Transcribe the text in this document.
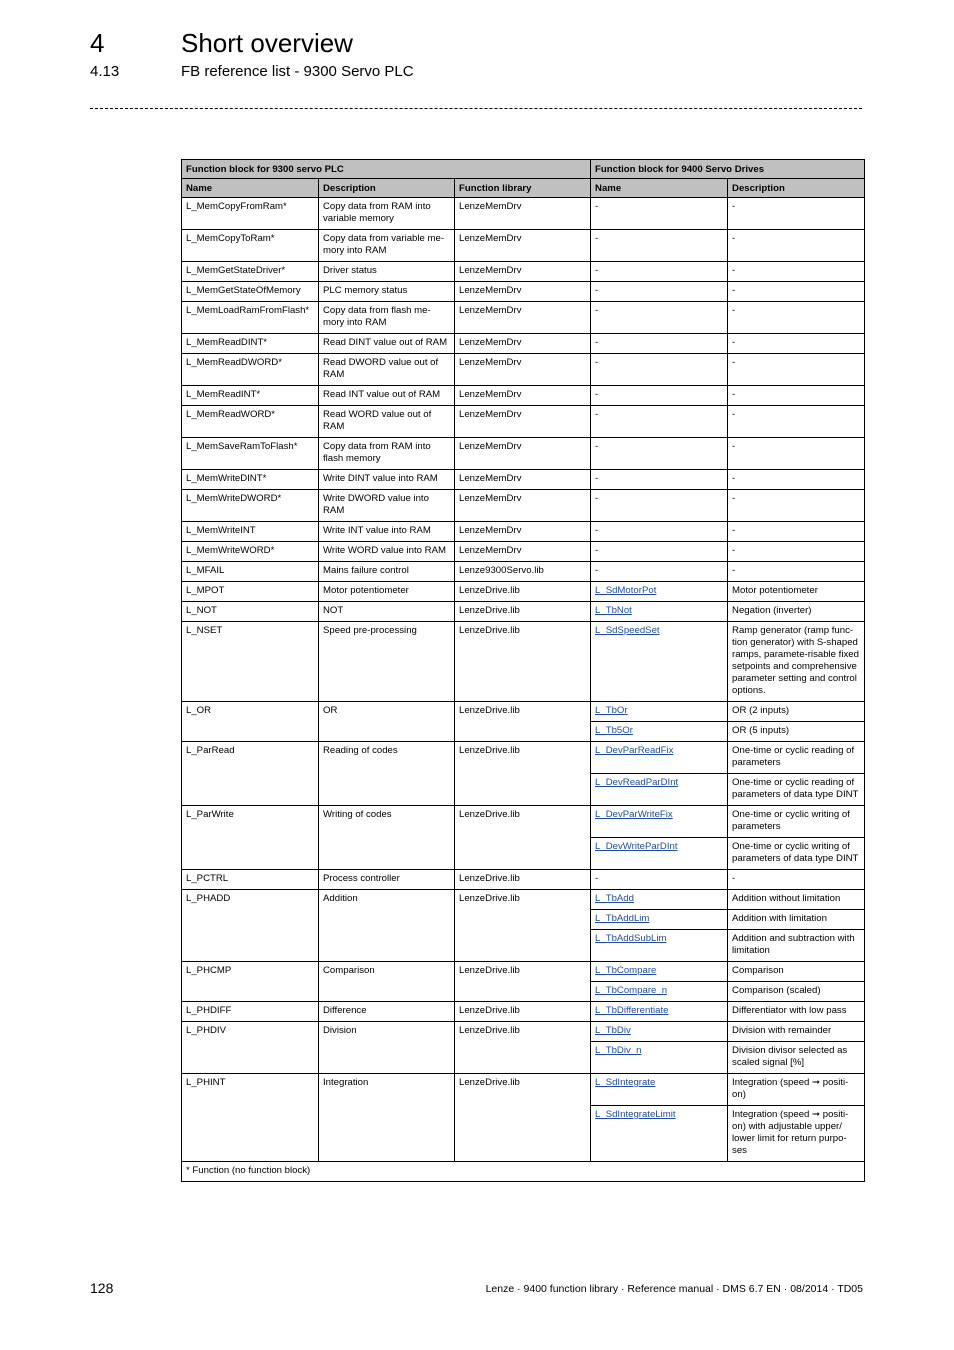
4	Short overview
4.13	FB reference list - 9300 Servo PLC
Function block for 9300 servo PLC			Function block for 9400 Servo Drives	
Name	Description	Function library	Name	Description
L_MemCopyFromRam*	Copy data from RAM into variable memory	LenzeMemDrv	-	-
L_MemCopyToRam*	Copy data from variable me-mory into RAM	LenzeMemDrv	-	-
L_MemGetStateDriver*	Driver status	LenzeMemDrv	-	-
L_MemGetStateOfMemory	PLC memory status	LenzeMemDrv	-	-
L_MemLoadRamFromFlash*	Copy data from flash me-mory into RAM	LenzeMemDrv	-	-
L_MemReadDINT*	Read DINT value out of RAM	LenzeMemDrv	-	-
L_MemReadDWORD*	Read DWORD value out of RAM	LenzeMemDrv	-	-
L_MemReadINT*	Read INT value out of RAM	LenzeMemDrv	-	-
L_MemReadWORD*	Read WORD value out of RAM	LenzeMemDrv	-	-
L_MemSaveRamToFlash*	Copy data from RAM into flash memory	LenzeMemDrv	-	-
L_MemWriteDINT*	Write DINT value into RAM	LenzeMemDrv	-	-
L_MemWriteDWORD*	Write DWORD value into RAM	LenzeMemDrv	-	-
L_MemWriteINT	Write INT value into RAM	LenzeMemDrv	-	-
L_MemWriteWORD*	Write WORD value into RAM	LenzeMemDrv	-	-
L_MFAIL	Mains failure control	Lenze9300Servo.lib	-	-
L_MPOT	Motor potentiometer	LenzeDrive.lib	L_SdMotorPot	Motor potentiometer
L_NOT	NOT	LenzeDrive.lib	L_TbNot	Negation (inverter)
L_NSET	Speed pre-processing	LenzeDrive.lib	L_SdSpeedSet	Ramp generator (ramp func-tion generator) with S-shaped ramps, paramete-risable fixed setpoints and comprehensive parameter setting and control options.
L_OR	OR	LenzeDrive.lib	L_TbOr	OR (2 inputs)
			L_Tb5Or	OR (5 inputs)
L_ParRead	Reading of codes	LenzeDrive.lib	L_DevParReadFix	One-time or cyclic reading of parameters
			L_DevReadParDInt	One-time or cyclic reading of parameters of data type DINT
L_ParWrite	Writing of codes	LenzeDrive.lib	L_DevParWriteFix	One-time or cyclic writing of parameters
			L_DevWriteParDInt	One-time or cyclic writing of parameters of data type DINT
L_PCTRL	Process controller	LenzeDrive.lib	-	-
L_PHADD	Addition	LenzeDrive.lib	L_TbAdd	Addition without limitation
			L_TbAddLim	Addition with limitation
			L_TbAddSubLim	Addition and subtraction with limitation
L_PHCMP	Comparison	LenzeDrive.lib	L_TbCompare	Comparison
			L_TbCompare_n	Comparison (scaled)
L_PHDIFF	Difference	LenzeDrive.lib	L_TbDifferentiate	Differentiator with low pass
L_PHDIV	Division	LenzeDrive.lib	L_TbDiv	Division with remainder
			L_TbDiv_n	Division divisor selected as scaled signal [%]
L_PHINT	Integration	LenzeDrive.lib	L_SdIntegrate	Integration (speed ➞ positi-on)
			L_SdIntegrateLimit	Integration (speed ➞ positi-on) with adjustable upper/ lower limit for return purpo-ses
* Function (no function block)				
128	Lenze · 9400 function library · Reference manual · DMS 6.7 EN · 08/2014 · TD05
